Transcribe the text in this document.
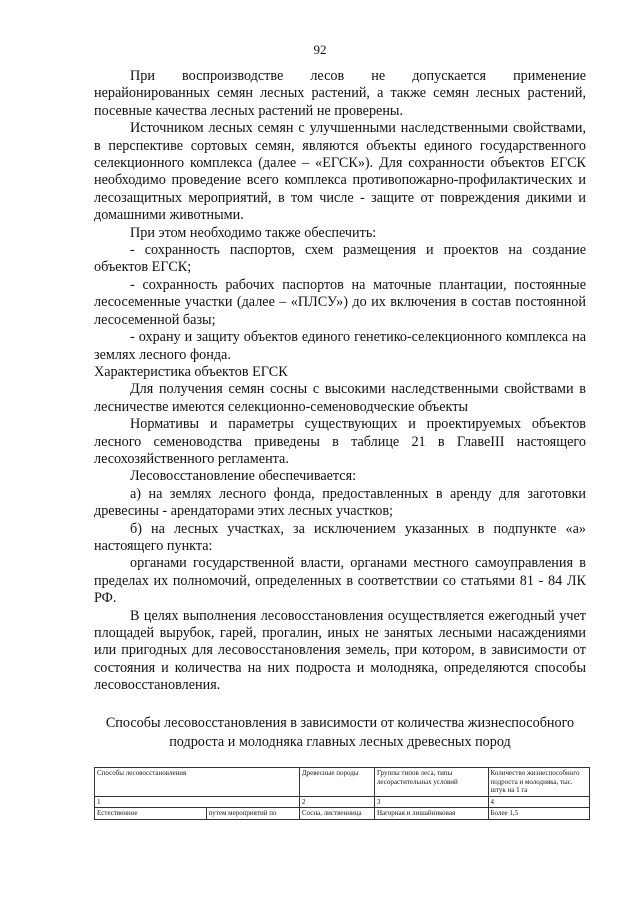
92

При воспроизводстве лесов не допускается применение нерайонированных семян лесных растений, а также семян лесных растений, посевные качества лесных растений не проверены.

Источником лесных семян с улучшенными наследственными свойствами, в перспективе сортовых семян, являются объекты единого государственного селекционного комплекса (далее – «ЕГСК»). Для сохранности объектов ЕГСК необходимо проведение всего комплекса противопожарно-профилактических и лесозащитных мероприятий, в том числе - защите от повреждения дикими и домашними животными.

При этом необходимо также обеспечить:

- сохранность паспортов, схем размещения и проектов на создание объектов ЕГСК;

- сохранность рабочих паспортов на маточные плантации, постоянные лесосеменные участки (далее – «ПЛСУ») до их включения в состав постоянной лесосеменной базы;

- охрану и защиту объектов единого генетико-селекционного комплекса на землях лесного фонда.

Характеристика объектов ЕГСК

Для получения семян сосны с высокими наследственными свойствами в лесничестве имеются селекционно-семеноводческие объекты

Нормативы и параметры существующих и проектируемых объектов лесного семеноводства приведены в таблице 21 в ГлавеIII настоящего лесохозяйственного регламента.

Лесовосстановление обеспечивается:

а) на землях лесного фонда, предоставленных в аренду для заготовки древесины - арендаторами этих лесных участков;

б) на лесных участках, за исключением указанных в подпункте «а» настоящего пункта:

органами государственной власти, органами местного самоуправления в пределах их полномочий, определенных в соответствии со статьями 81 - 84 ЛК РФ.

В целях выполнения лесовосстановления осуществляется ежегодный учет площадей вырубок, гарей, прогалин, иных не занятых лесными насаждениями или пригодных для лесовосстановления земель, при котором, в зависимости от состояния и количества на них подроста и молодняка, определяются способы лесовосстановления.

Способы лесовосстановления в зависимости от количества жизнеспособного
подроста и молодняка главных лесных древесных пород
Способы лесовосстановления		Древесные породы	Группы типов леса, типы лесорастительных условий	Количество жизнеспособного подроста и молодняка, тыс. штук на 1 га
1		2	3	4
Естественное	путем мероприятий по	Сосна, лиственница	Нагорная и лишайниковая	Более 1,5
